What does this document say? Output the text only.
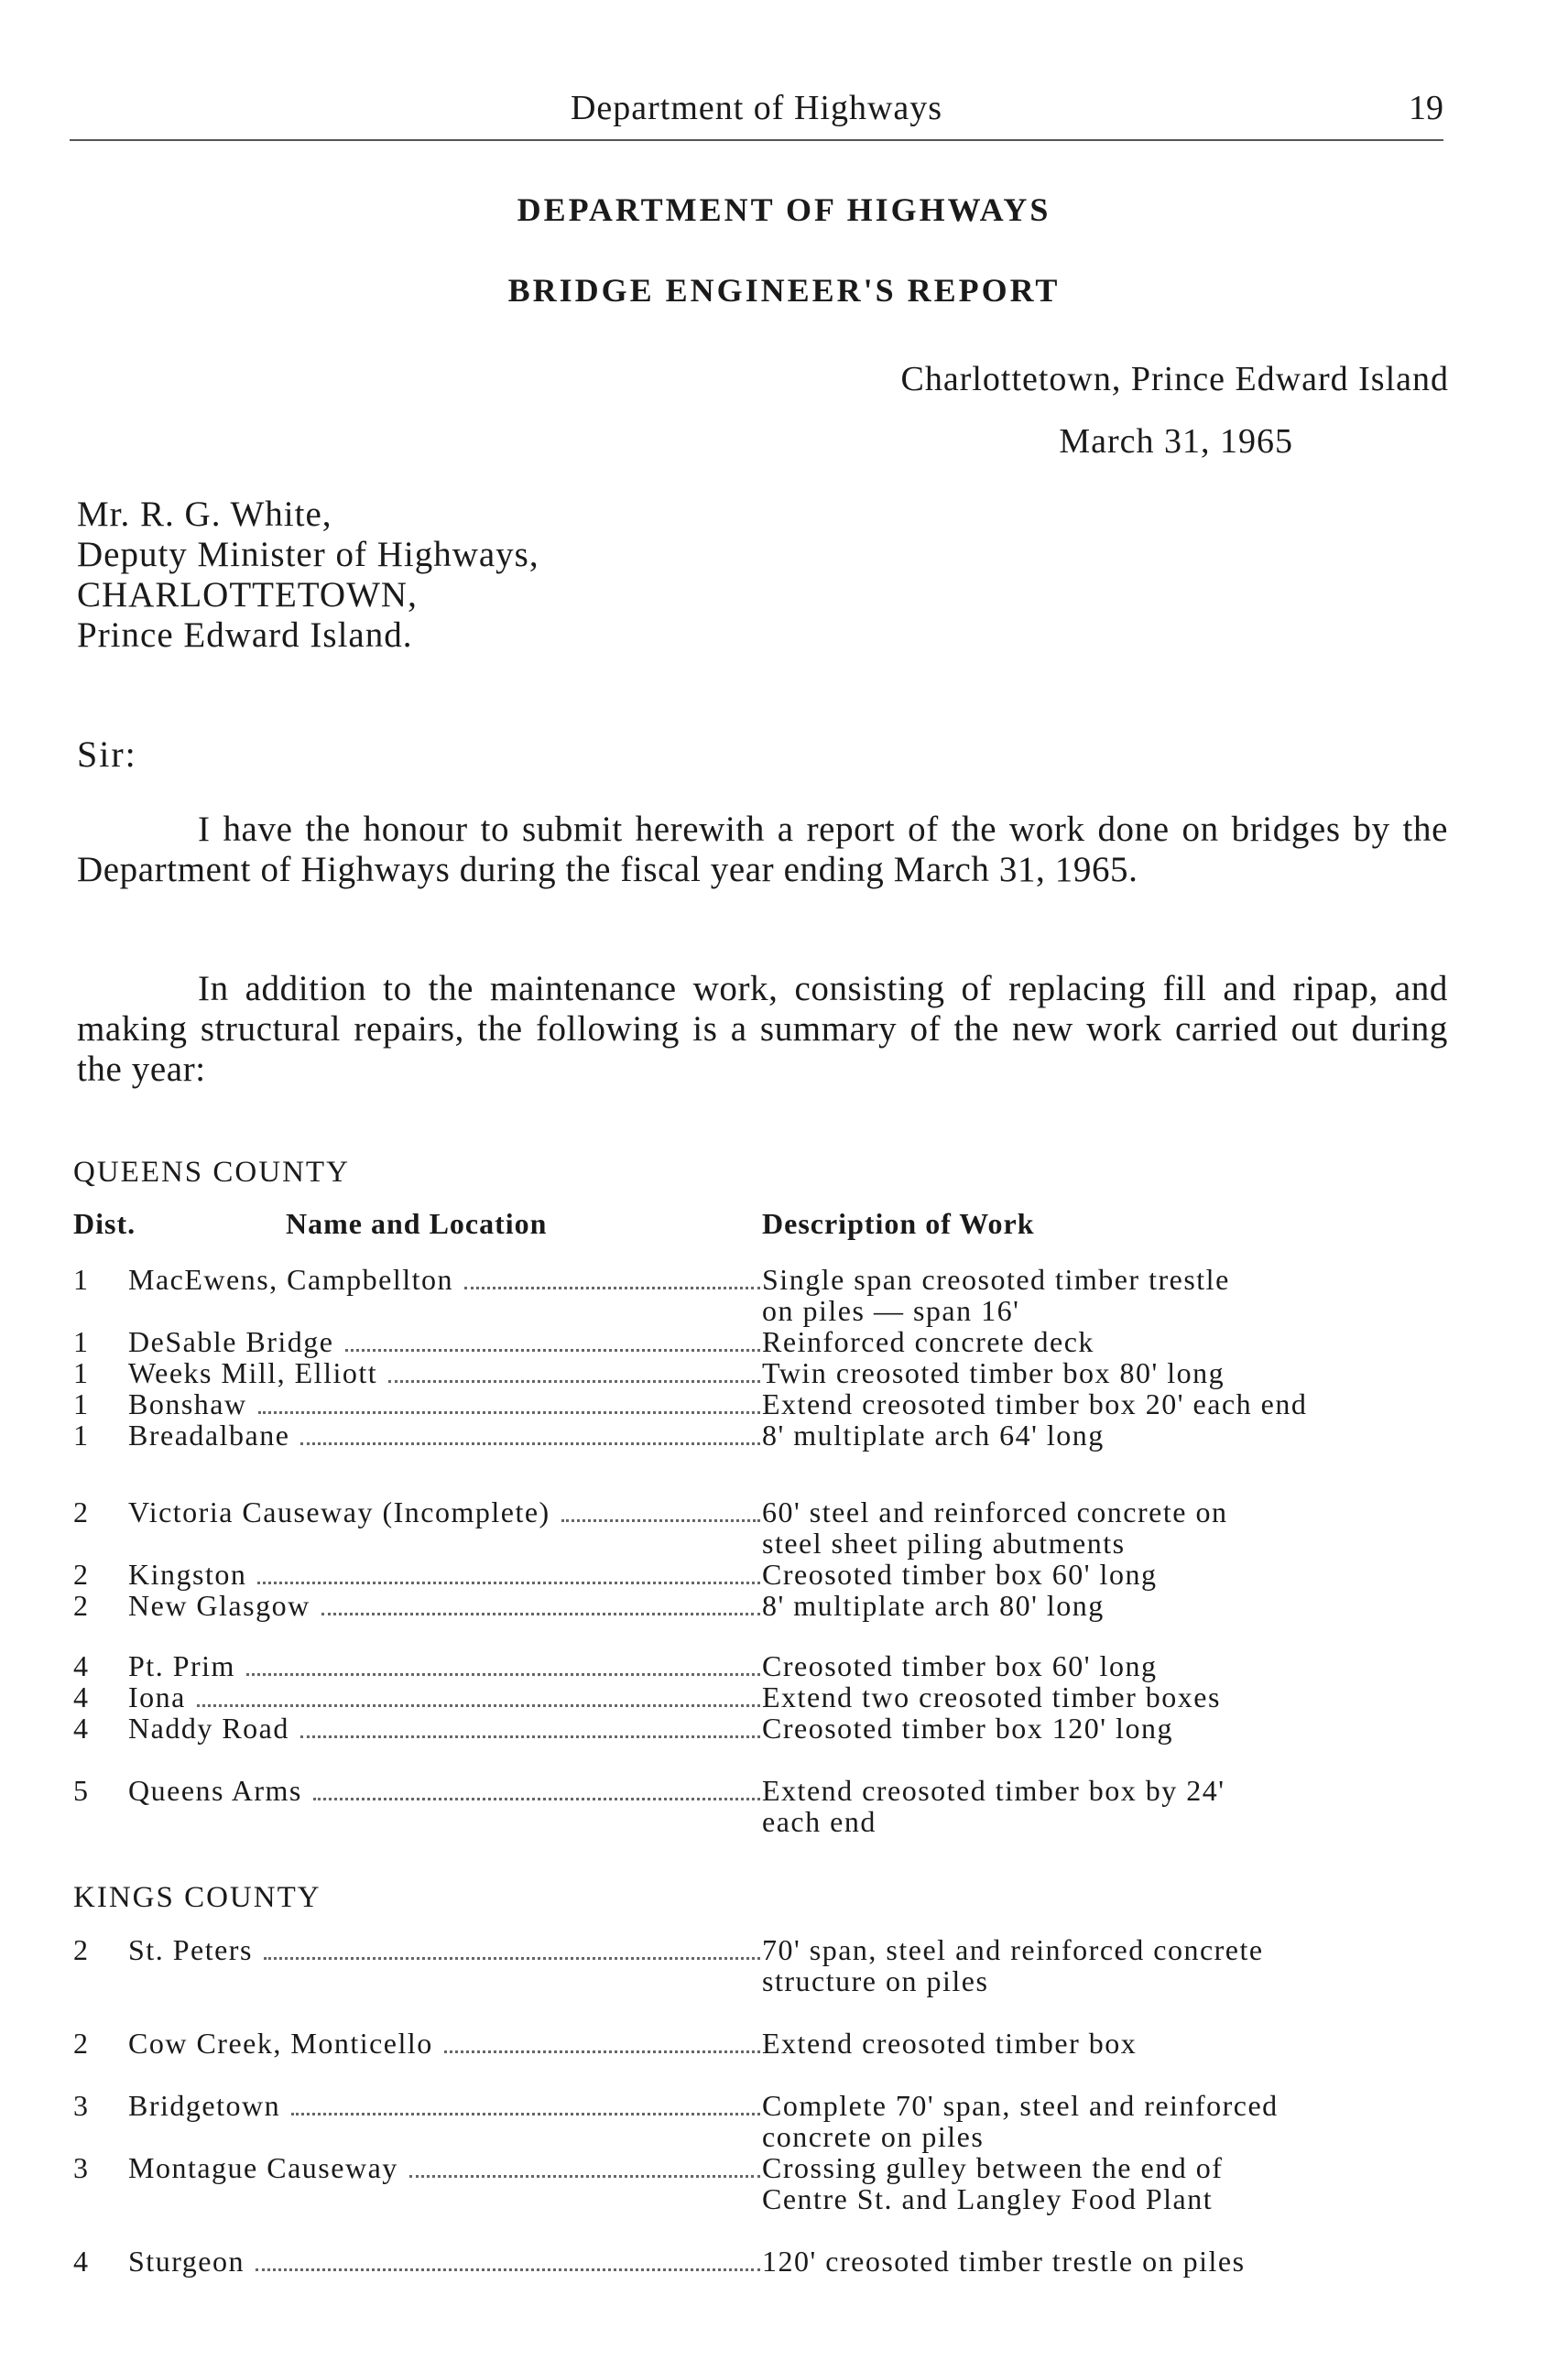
Department of Highways	19
DEPARTMENT OF HIGHWAYS
BRIDGE ENGINEER'S REPORT
Charlottetown, Prince Edward Island
March 31, 1965
Mr. R. G. White,
Deputy Minister of Highways,
CHARLOTTETOWN,
Prince Edward Island.
Sir:

I have the honour to submit herewith a report of the work done on bridges by the Department of Highways during the fiscal year ending March 31, 1965.

In addition to the maintenance work, consisting of replacing fill and ripap, and making structural repairs, the following is a summary of the new work carried out during the year:

QUEENS COUNTY
Dist.	Name and Location	Description of Work
1	MacEwens, Campbellton	Single span creosoted timber trestle
on piles — span 16'
1	DeSable Bridge	Reinforced concrete deck
1	Weeks Mill, Elliott	Twin creosoted timber box 80' long
1	Bonshaw	Extend creosoted timber box 20' each end
1	Breadalbane	8' multiplate arch 64' long
2	Victoria Causeway (Incomplete)	60' steel and reinforced concrete on
steel sheet piling abutments
2	Kingston	Creosoted timber box 60' long
2	New Glasgow	8' multiplate arch 80' long
4	Pt. Prim	Creosoted timber box 60' long
4	Iona	Extend two creosoted timber boxes
4	Naddy Road	Creosoted timber box 120' long
5	Queens Arms	Extend creosoted timber box by 24'
each end
KINGS COUNTY
2	St. Peters	70' span, steel and reinforced concrete
structure on piles
2	Cow Creek, Monticello	Extend creosoted timber box
3	Bridgetown	Complete 70' span, steel and reinforced
concrete on piles
3	Montague Causeway	Crossing gulley between the end of
Centre St. and Langley Food Plant
4	Sturgeon	120' creosoted timber trestle on piles
